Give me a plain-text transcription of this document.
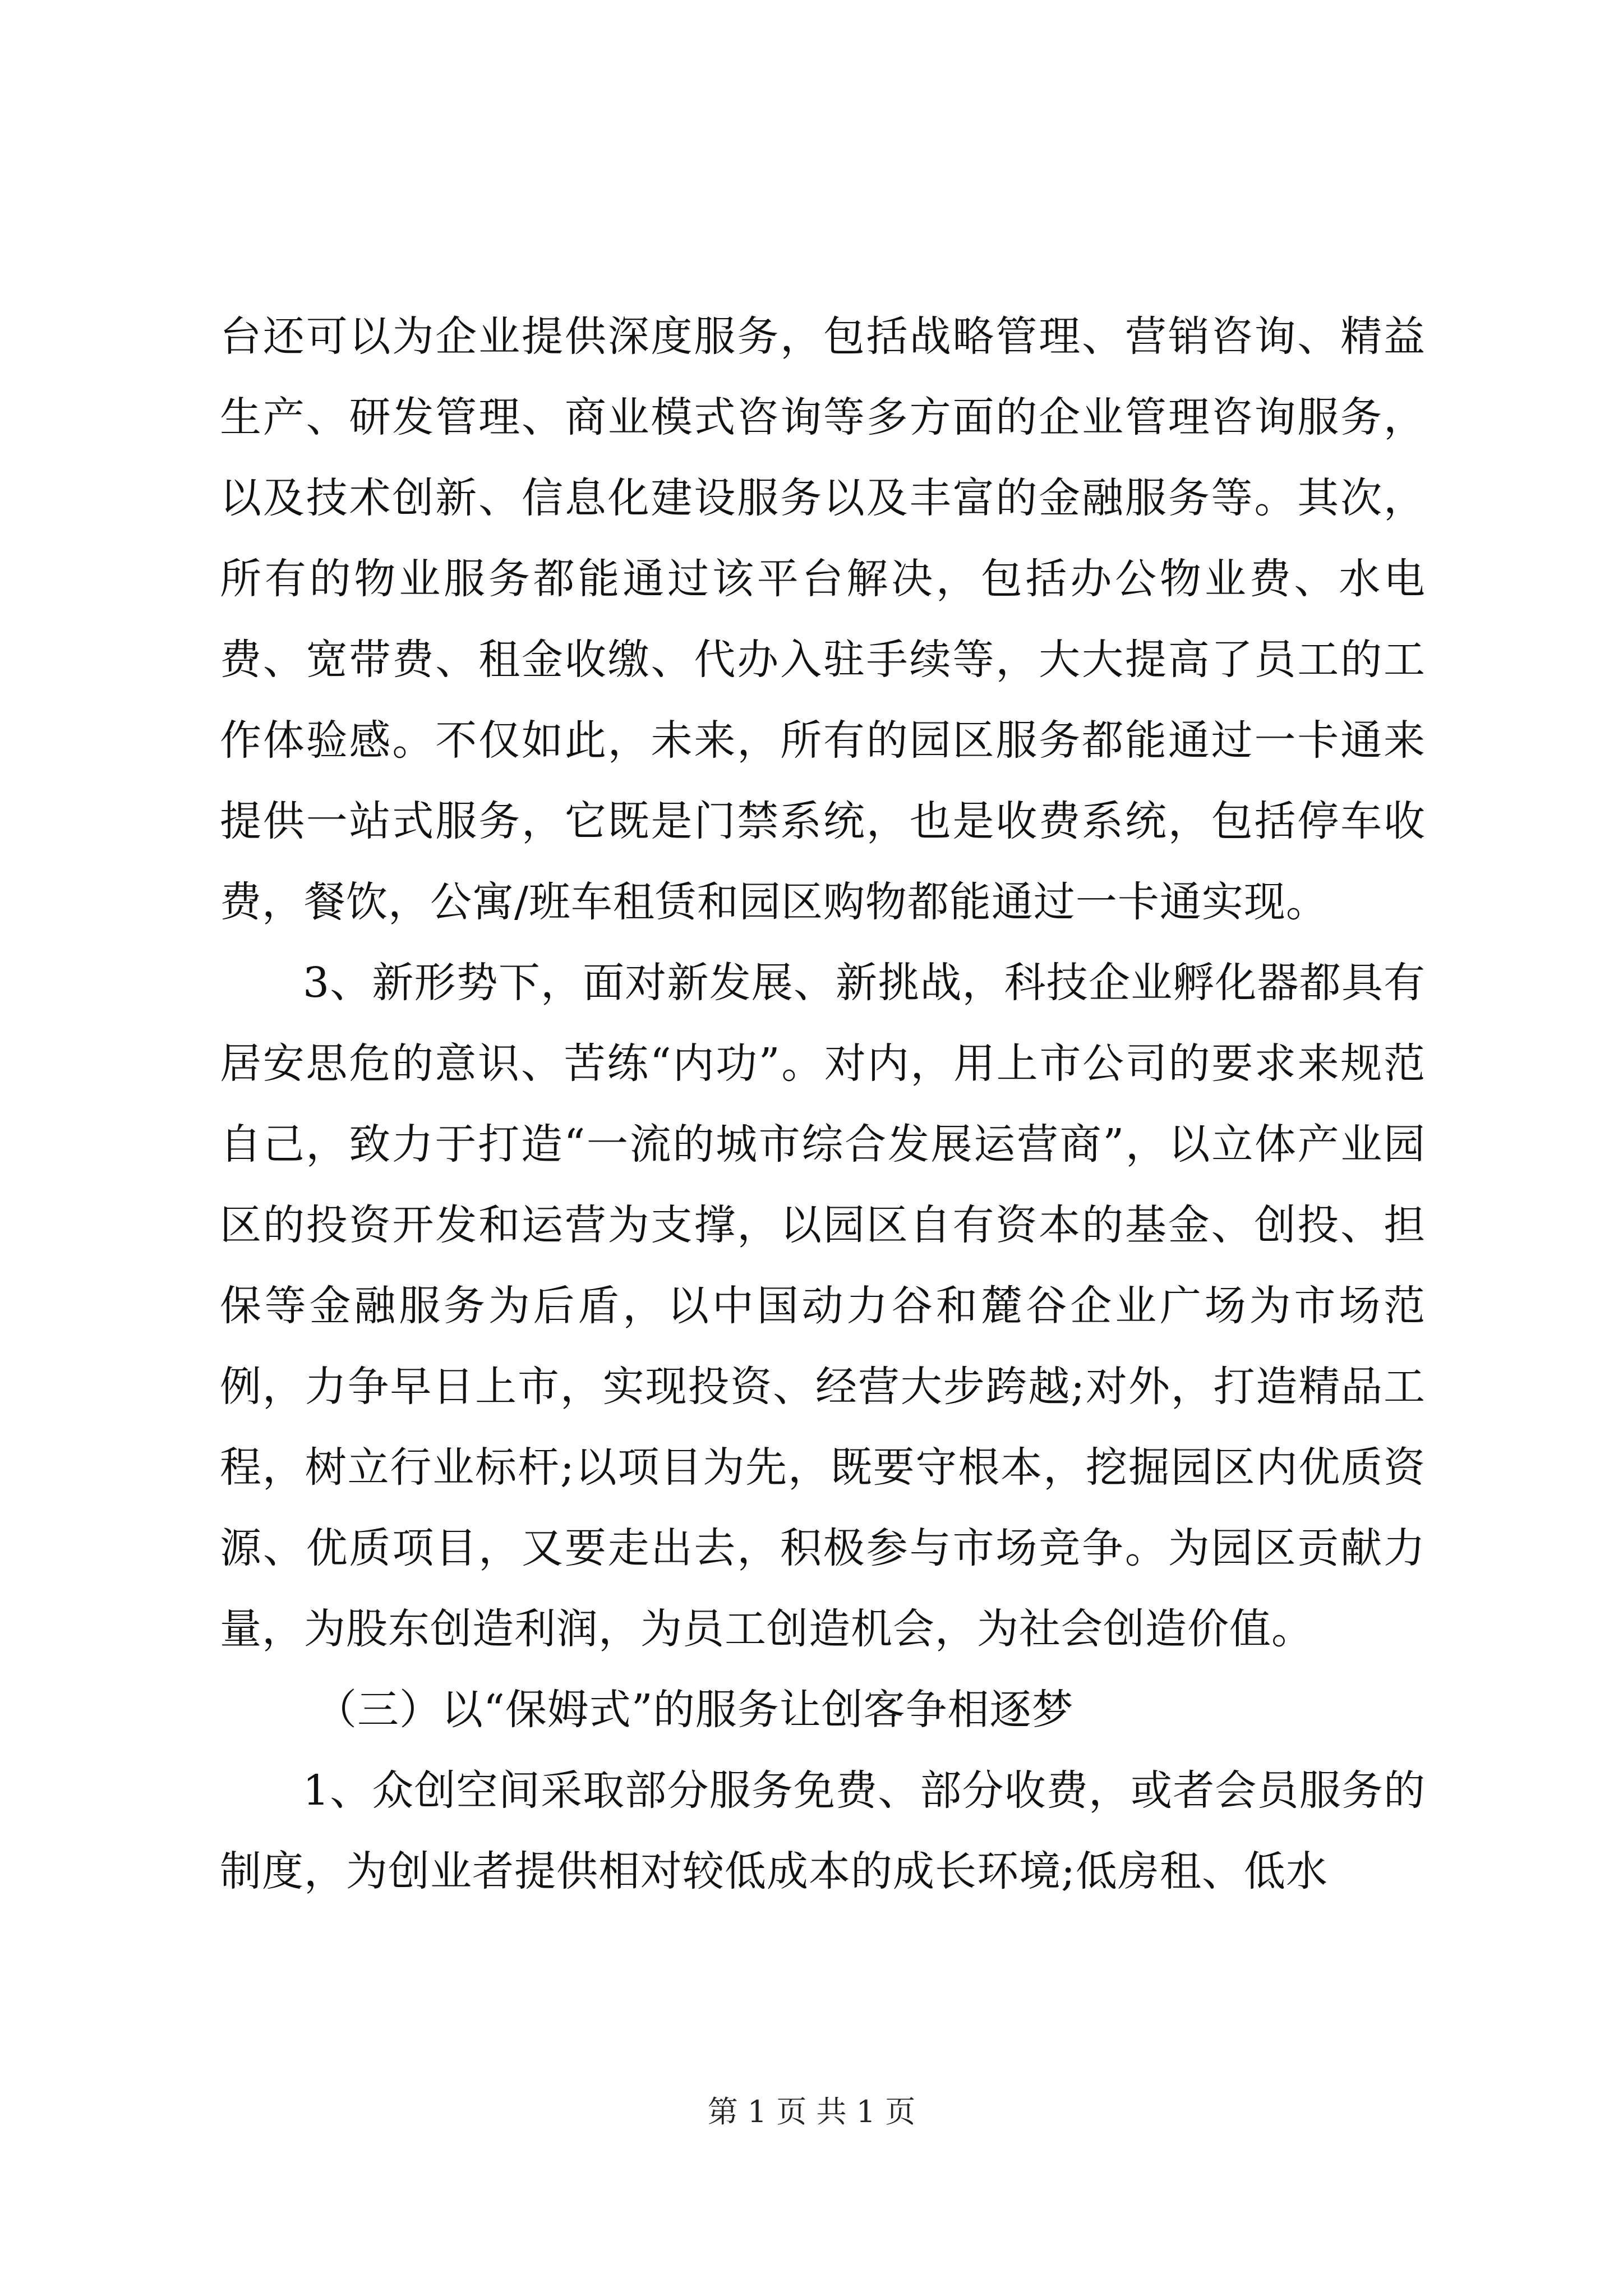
台还可以为企业提供深度服务，包括战略管理、营销咨询、精益生产、研发管理、商业模式咨询等多方面的企业管理咨询服务，以及技术创新、信息化建设服务以及丰富的金融服务等。其次，所有的物业服务都能通过该平台解决，包括办公物业费、水电费、宽带费、租金收缴、代办入驻手续等，大大提高了员工的工作体验感。不仅如此，未来，所有的园区服务都能通过一卡通来提供一站式服务，它既是门禁系统，也是收费系统，包括停车收费，餐饮，公寓/班车租赁和园区购物都能通过一卡通实现。

3、新形势下，面对新发展、新挑战，科技企业孵化器都具有居安思危的意识、苦练“内功”。对内，用上市公司的要求来规范自己，致力于打造“一流的城市综合发展运营商”，以立体产业园区的投资开发和运营为支撑，以园区自有资本的基金、创投、担保等金融服务为后盾，以中国动力谷和麓谷企业广场为市场范例，力争早日上市，实现投资、经营大步跨越;对外，打造精品工程，树立行业标杆;以项目为先，既要守根本，挖掘园区内优质资源、优质项目，又要走出去，积极参与市场竞争。为园区贡献力量，为股东创造利润，为员工创造机会，为社会创造价值。

（三）以“保姆式”的服务让创客争相逐梦

1、众创空间采取部分服务免费、部分收费，或者会员服务的制度，为创业者提供相对较低成本的成长环境;低房租、低水

第 1 页 共 1 页
